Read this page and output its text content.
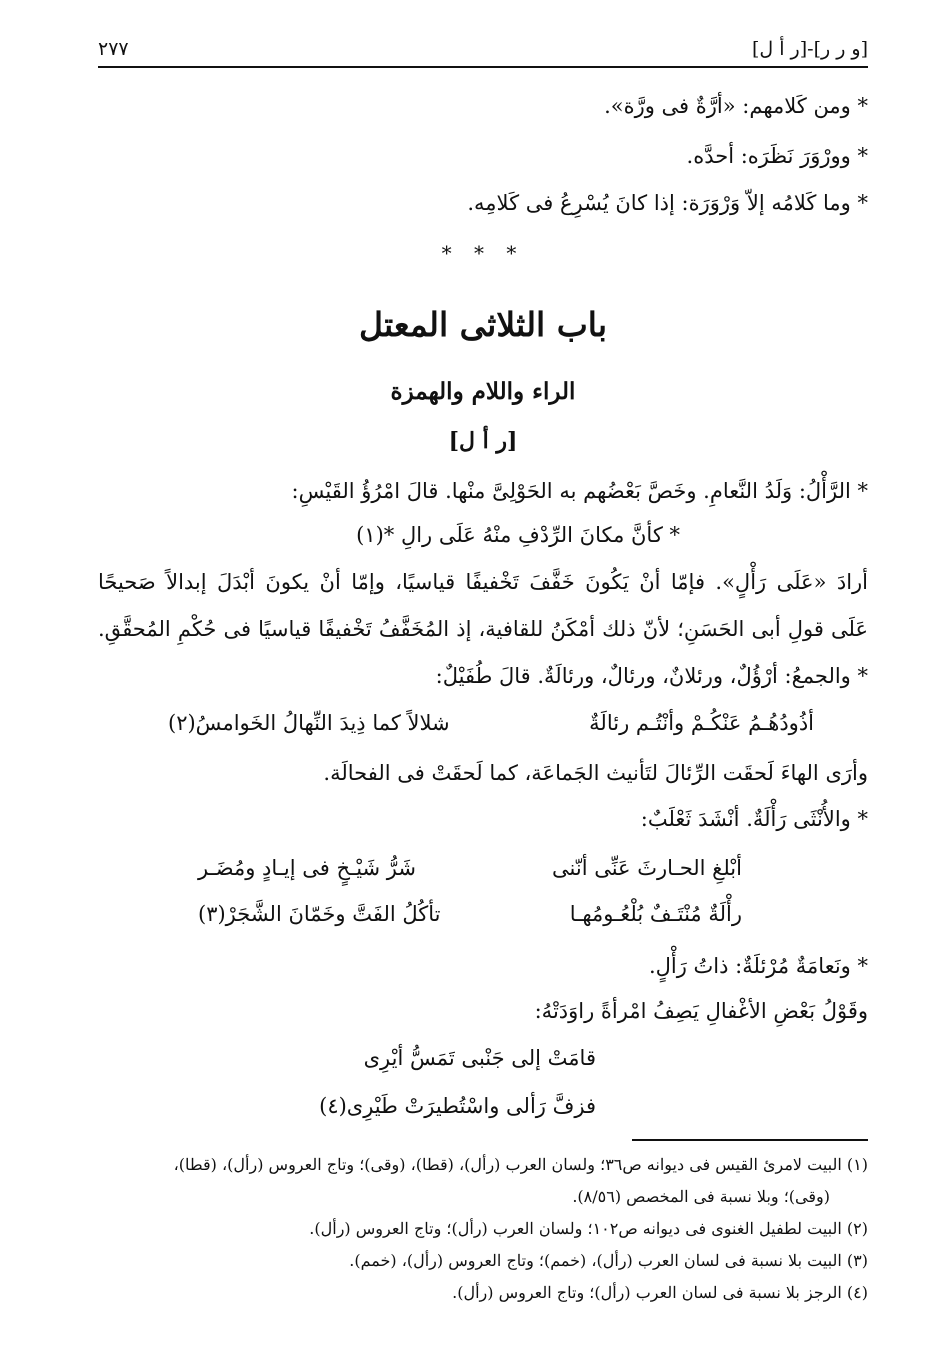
[و ر ر]-[ر أ ل]
٢٧٧
* ومن كَلامهم: «أرَّةٌ فى ورَّة».
* وورْوَرَ نَظَرَه: أحدَّه.
* وما كَلامُه إلاّ وَرْوَرَة: إذا كانَ يُسْرِعُ فى كَلامِه.
* * *
باب الثلاثى المعتل
الراء واللام والهمزة
[ر أ ل]
* الرَّأْلُ: وَلَدُ النَّعامِ. وخَصَّ بَعْضُهم به الحَوْلِىَّ منْها. قالَ امْرُؤُ القَيْسِ:
* كأنَّ مكانَ الرِّدْفِ منْهُ عَلَى رالِ *(١)
أرادَ «عَلَى رَأْلٍ». فإمّا أنْ يَكُونَ خَفَّفَ تَخْفيفًا قياسيًا، وإمّا أنْ يكونَ أبْدَلَ إبدالاً صَحيحًا
عَلَى قولِ أبى الحَسَنِ؛ لأنّ ذلك أمْكَنُ للقافية، إذ المُخَفَّفُ تَخْفيفًا قياسيًا فى حُكْمِ المُحقَّقِ.
* والجمعُ: أرْؤُلٌ، ورئلانٌ، ورئالٌ، ورئالَةٌ. قالَ طُفَيْلٌ:
أذُودُهُـمُ عَنْكُـمْ وأنْتُـم رئالَةٌ
شلالاً كما ذِيدَ النِّهالُ الخَوامسُ(٢)
وأرَى الهاءَ لَحقَت الرِّئالَ لتَأنيث الجَماعَة، كما لَحقَتْ فى الفحالَة.
* والأُنْثَى رَأْلَةٌ. أنْشَدَ ثَعْلَبٌ:
أبْلغِ الحـارثَ عَنِّى أنّنى
شَرُّ شَيْـخٍ فى إيـادٍ ومُضَـر
رأْلَةٌ مُنْتَـفٌ بُلْعُـومُهـا
تأكُلُ الفَتَّ وخَمّانَ الشَّجَرْ(٣)
* ونَعامَةٌ مُرْئلَةٌ: ذاتُ رَأْلٍ.
وقَوْلُ بَعْضِ الأغْفالِ يَصِفُ امْرأةً راوَدَتْهُ:
قامَتْ إلى جَنْبى تَمَسُّ أيْرِى
فزفَّ رَألى واسْتُطيرَتْ طَيْرِى(٤)
(١) البيت لامرئ القيس فى ديوانه ص٣٦؛ ولسان العرب (رأل)، (قطا)، (وقى)؛ وتاج العروس (رأل)، (قطا)،
(وقى)؛ وبلا نسبة فى المخصص (٨/٥٦).
(٢) البيت لطفيل الغنوى فى ديوانه ص١٠٢؛ ولسان العرب (رأل)؛ وتاج العروس (رأل).
(٣) البيت بلا نسبة فى لسان العرب (رأل)، (خمم)؛ وتاج العروس (رأل)، (خمم).
(٤) الرجز بلا نسبة فى لسان العرب (رأل)؛ وتاج العروس (رأل).
